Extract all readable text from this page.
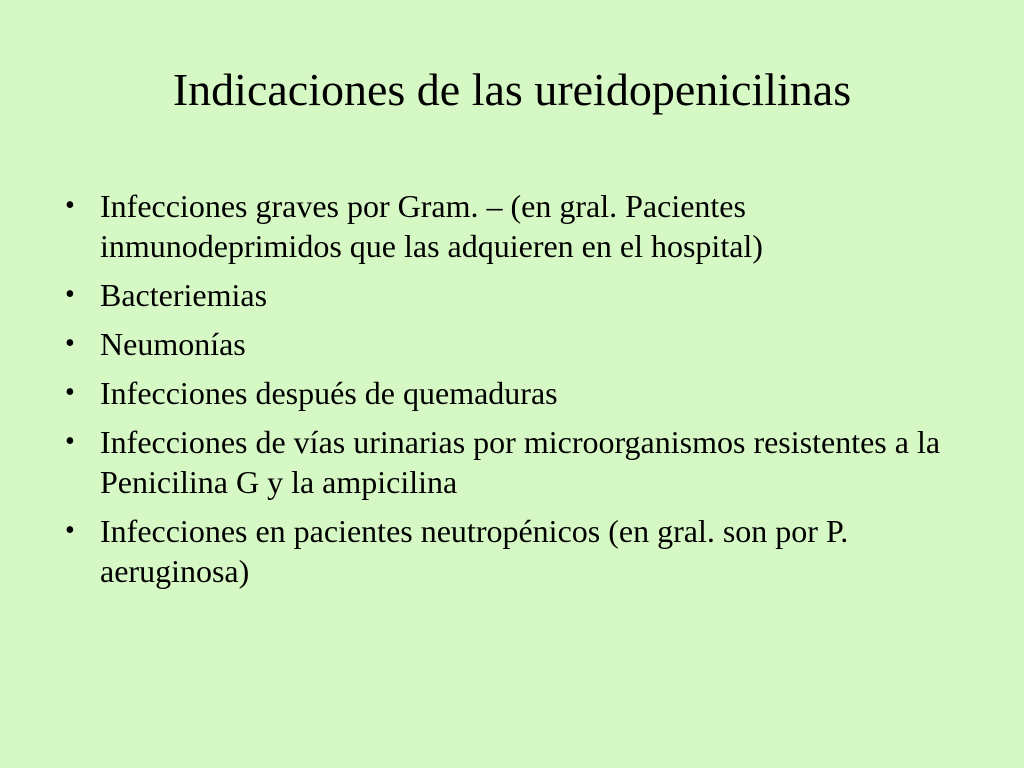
Indicaciones de las ureidopenicilinas
• Infecciones graves por Gram. – (en gral. Pacientes inmunodeprimidos que las adquieren en el hospital)
• Bacteriemias
• Neumonías
• Infecciones después de quemaduras
• Infecciones de vías urinarias por microorganismos resistentes a la Penicilina G y la ampicilina
• Infecciones en pacientes neutropénicos (en gral. son por P. aeruginosa)
